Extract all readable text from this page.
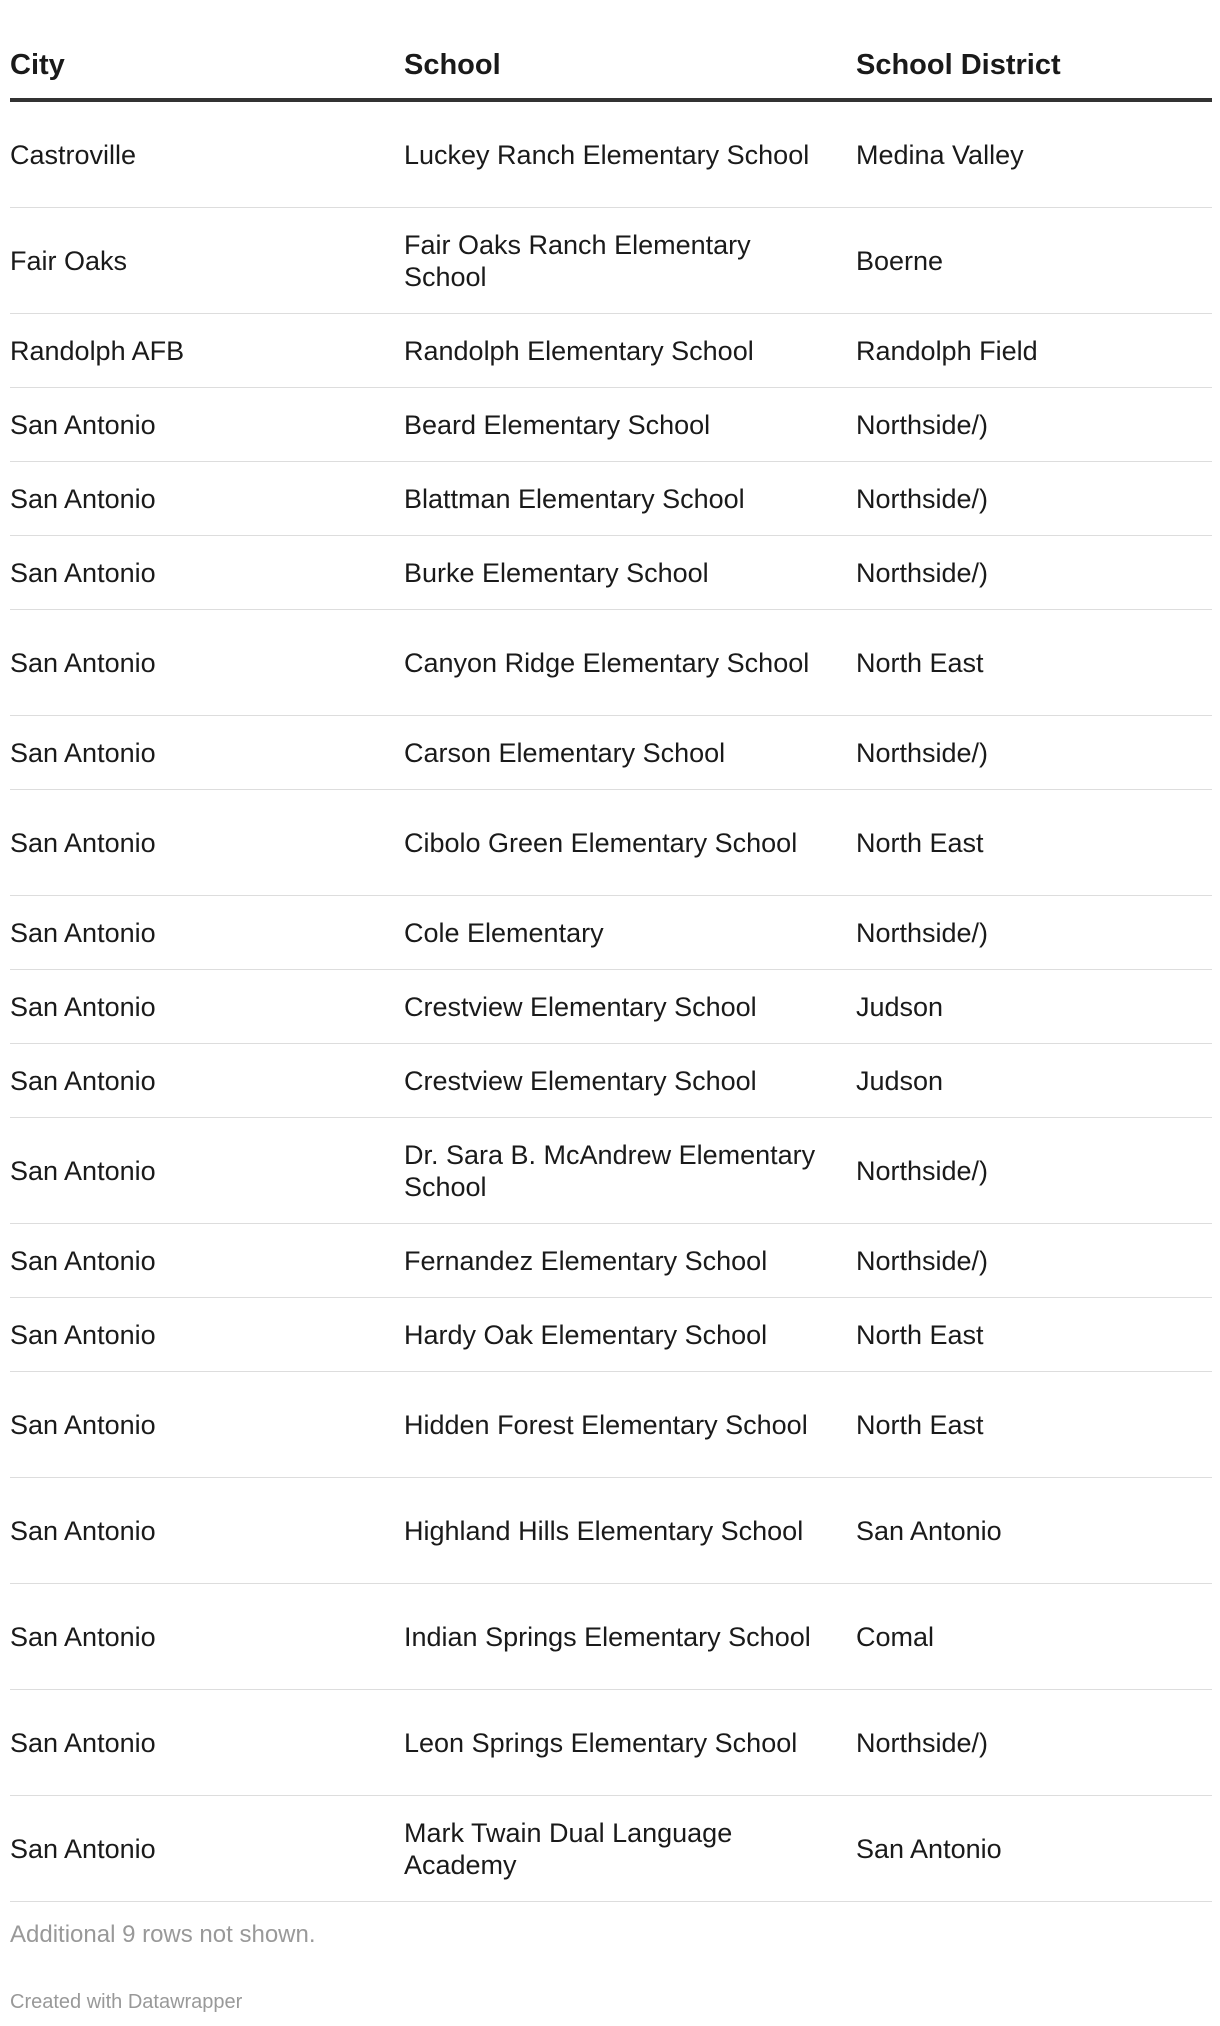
City	School	School District
Castroville	Luckey Ranch Elementary School	Medina Valley
Fair Oaks	Fair Oaks Ranch Elementary School	Boerne
Randolph AFB	Randolph Elementary School	Randolph Field
San Antonio	Beard Elementary School	Northside/)
San Antonio	Blattman Elementary School	Northside/)
San Antonio	Burke Elementary School	Northside/)
San Antonio	Canyon Ridge Elementary School	North East
San Antonio	Carson Elementary School	Northside/)
San Antonio	Cibolo Green Elementary School	North East
San Antonio	Cole Elementary	Northside/)
San Antonio	Crestview Elementary School	Judson
San Antonio	Crestview Elementary School	Judson
San Antonio	Dr. Sara B. McAndrew Elementary School	Northside/)
San Antonio	Fernandez Elementary School	Northside/)
San Antonio	Hardy Oak Elementary School	North East
San Antonio	Hidden Forest Elementary School	North East
San Antonio	Highland Hills Elementary School	San Antonio
San Antonio	Indian Springs Elementary School	Comal
San Antonio	Leon Springs Elementary School	Northside/)
San Antonio	Mark Twain Dual Language Academy	San Antonio
Additional 9 rows not shown.
Created with Datawrapper
